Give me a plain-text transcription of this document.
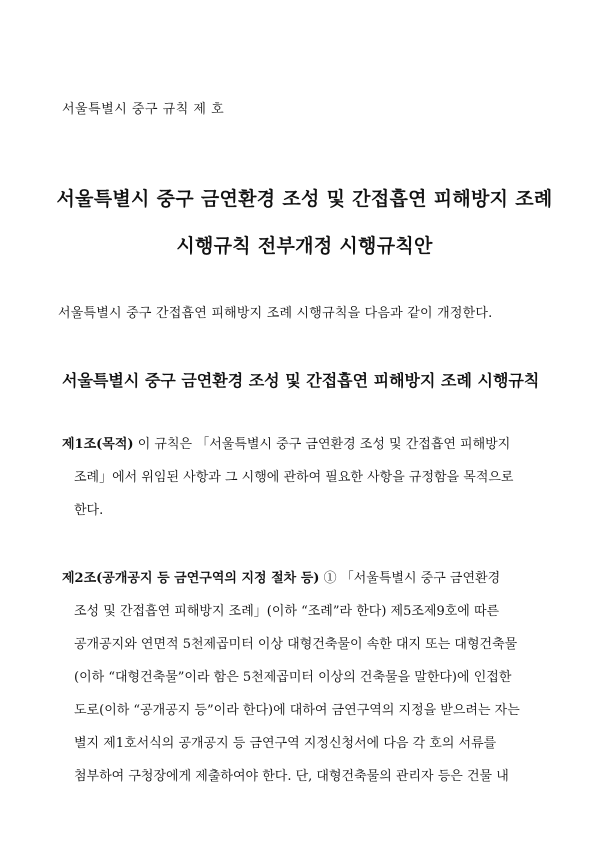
서울특별시 중구 규칙 제 호
서울특별시 중구 금연환경 조성 및 간접흡연 피해방지 조례
시행규칙 전부개정 시행규칙안
서울특별시 중구 간접흡연 피해방지 조례 시행규칙을 다음과 같이 개정한다.
서울특별시 중구 금연환경 조성 및 간접흡연 피해방지 조례 시행규칙
제1조(목적) 이 규칙은 「서울특별시 중구 금연환경 조성 및 간접흡연 피해방지
조례」에서 위임된 사항과 그 시행에 관하여 필요한 사항을 규정함을 목적으로
한다.
제2조(공개공지 등 금연구역의 지정 절차 등) ① 「서울특별시 중구 금연환경
조성 및 간접흡연 피해방지 조례」(이하 “조례”라 한다) 제5조제9호에 따른
공개공지와 연면적 5천제곱미터 이상 대형건축물이 속한 대지 또는 대형건축물
(이하 “대형건축물”이라 함은 5천제곱미터 이상의 건축물을 말한다)에 인접한
도로(이하 “공개공지 등”이라 한다)에 대하여 금연구역의 지정을 받으려는 자는
별지 제1호서식의 공개공지 등 금연구역 지정신청서에 다음 각 호의 서류를
첨부하여 구청장에게 제출하여야 한다. 단, 대형건축물의 관리자 등은 건물 내
